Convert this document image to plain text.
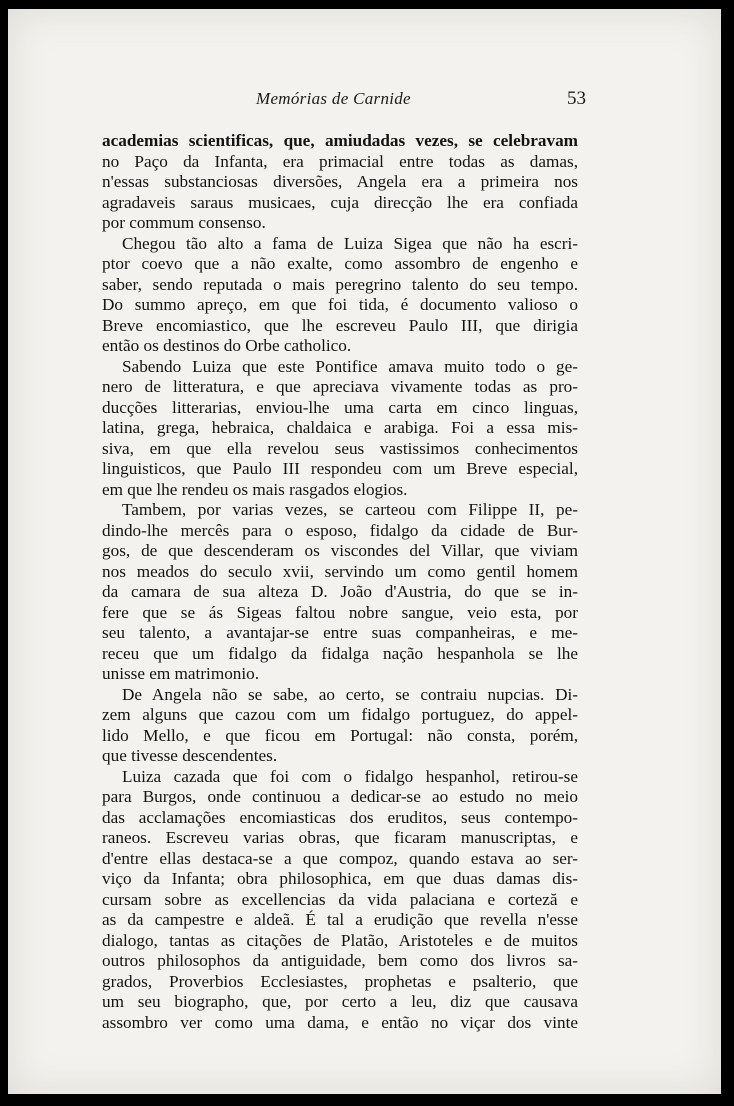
Memórias de Carnide	53
academias scientificas, que, amiudadas vezes, se celebravam
no Paço da Infanta, era primacial entre todas as damas,
n'essas substanciosas diversões, Angela era a primeira nos
agradaveis saraus musicaes, cuja direcção lhe era confiada
por commum consenso.
Chegou tão alto a fama de Luiza Sigea que não ha escri-
ptor coevo que a não exalte, como assombro de engenho e
saber, sendo reputada o mais peregrino talento do seu tempo.
Do summo apreço, em que foi tida, é documento valioso o
Breve encomiastico, que lhe escreveu Paulo III, que dirigia
então os destinos do Orbe catholico.
Sabendo Luiza que este Pontifice amava muito todo o ge-
nero de litteratura, e que apreciava vivamente todas as pro-
ducções litterarias, enviou-lhe uma carta em cinco linguas,
latina, grega, hebraica, chaldaica e arabiga. Foi a essa mis-
siva, em que ella revelou seus vastissimos conhecimentos
linguisticos, que Paulo III respondeu com um Breve especial,
em que lhe rendeu os mais rasgados elogios.
Tambem, por varias vezes, se carteou com Filippe II, pe-
dindo-lhe mercês para o esposo, fidalgo da cidade de Bur-
gos, de que descenderam os viscondes del Villar, que viviam
nos meados do seculo xvii, servindo um como gentil homem
da camara de sua alteza D. João d'Austria, do que se in-
fere que se ás Sigeas faltou nobre sangue, veio esta, por
seu talento, a avantajar-se entre suas companheiras, e me-
receu que um fidalgo da fidalga nação hespanhola se lhe
unisse em matrimonio.
De Angela não se sabe, ao certo, se contraiu nupcias. Di-
zem alguns que cazou com um fidalgo portuguez, do appel-
lido Mello, e que ficou em Portugal: não consta, porém,
que tivesse descendentes.
Luiza cazada que foi com o fidalgo hespanhol, retirou-se
para Burgos, onde continuou a dedicar-se ao estudo no meio
das acclamações encomiasticas dos eruditos, seus contempo-
raneos. Escreveu varias obras, que ficaram manuscriptas, e
d'entre ellas destaca-se a que compoz, quando estava ao ser-
viço da Infanta; obra philosophica, em que duas damas dis-
cursam sobre as excellencias da vida palaciana e corteză e
as da campestre e aldeã. É tal a erudição que revella n'esse
dialogo, tantas as citações de Platão, Aristoteles e de muitos
outros philosophos da antiguidade, bem como dos livros sa-
grados, Proverbios Ecclesiastes, prophetas e psalterio, que
um seu biographo, que, por certo a leu, diz que causava
assombro ver como uma dama, e então no viçar dos vinte
